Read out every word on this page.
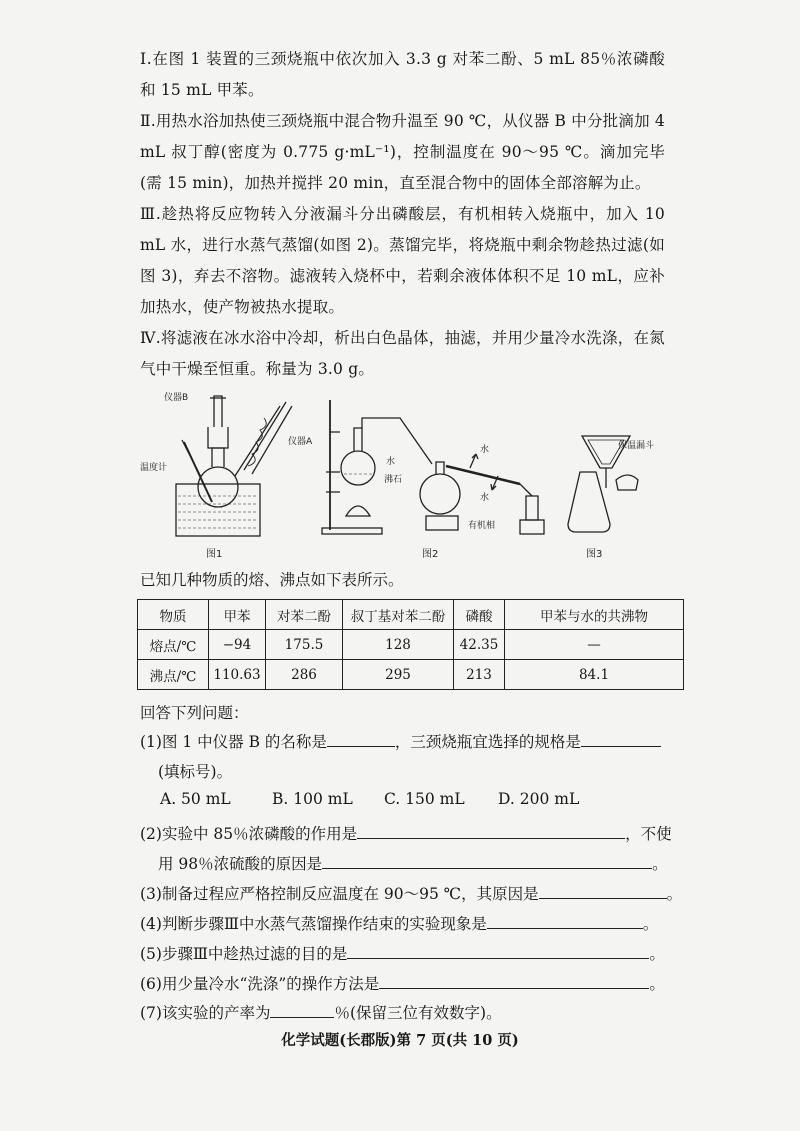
Ⅰ.在图 1 装置的三颈烧瓶中依次加入 3.3 g 对苯二酚、5 mL 85％浓磷酸和 15 mL 甲苯。
Ⅱ.用热水浴加热使三颈烧瓶中混合物升温至 90 ℃，从仪器 B 中分批滴加 4 mL 叔丁醇(密度为 0.775 g·mL⁻¹)，控制温度在 90～95 ℃。滴加完毕(需 15 min)，加热并搅拌 20 min，直至混合物中的固体全部溶解为止。
Ⅲ.趁热将反应物转入分液漏斗分出磷酸层，有机相转入烧瓶中，加入 10 mL 水，进行水蒸气蒸馏(如图 2)。蒸馏完毕，将烧瓶中剩余物趁热过滤(如图 3)，弃去不溶物。滤液转入烧杯中，若剩余液体体积不足 10 mL，应补加热水，使产物被热水提取。
Ⅳ.将滤液在冰水浴中冷却，析出白色晶体，抽滤，并用少量冷水洗涤，在氮气中干燥至恒重。称量为 3.0 g。
仪器B
仪器A
温度计
图1
水
沸石
水
水
有机相
图2
保温漏斗
图3
已知几种物质的熔、沸点如下表所示。
物质	甲苯	对苯二酚	叔丁基对苯二酚	磷酸	甲苯与水的共沸物
熔点/℃	−94	175.5	128	42.35	—
沸点/℃	110.63	286	295	213	84.1
回答下列问题：
(1)图 1 中仪器 B 的名称是	，三颈烧瓶宜选择的规格是
(填标号)。
A. 50 mL	B. 100 mL C. 150 mL D. 200 mL
(2)实验中 85％浓磷酸的作用是	，不使
用 98％浓硫酸的原因是	。
(3)制备过程应严格控制反应温度在 90～95 ℃，其原因是	。
(4)判断步骤Ⅲ中水蒸气蒸馏操作结束的实验现象是	。
(5)步骤Ⅲ中趁热过滤的目的是	。
(6)用少量冷水“洗涤”的操作方法是	。
(7)该实验的产率为	％(保留三位有效数字)。
化学试题(长郡版)第 7 页(共 10 页)
